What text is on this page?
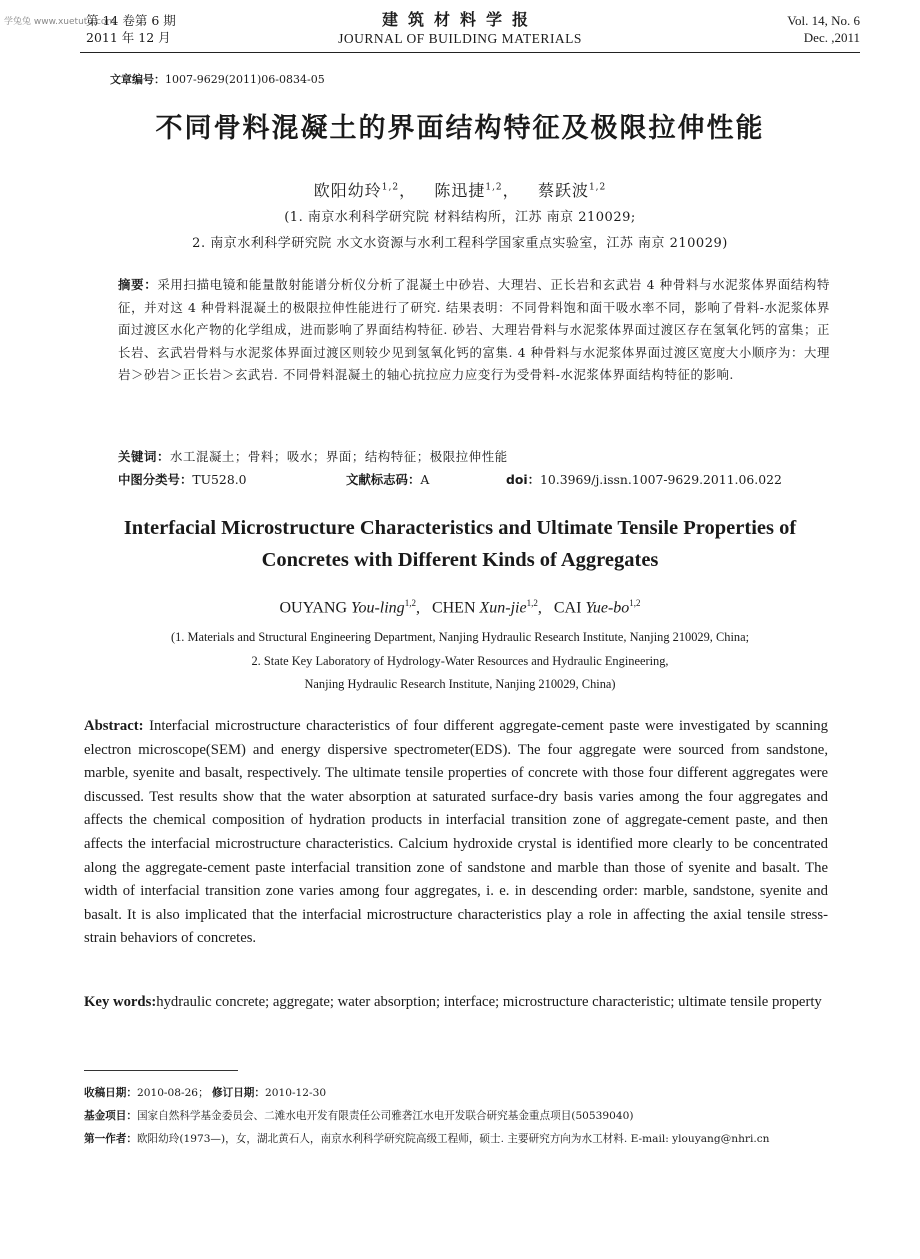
学兔兔 www.xuetutu.com
第 14 卷第 6 期
2011 年 12 月
建筑材料学报
JOURNAL OF BUILDING MATERIALS
Vol. 14, No. 6
Dec. ,2011
文章编号：1007-9629(2011)06-0834-05
不同骨料混凝土的界面结构特征及极限拉伸性能
欧阳幼玲$^{1,2}$，   陈迅捷$^{1,2}$，   蔡跃波$^{1,2}$
(1. 南京水利科学研究院 材料结构所，江苏 南京 210029;
2. 南京水利科学研究院 水文水资源与水利工程科学国家重点实验室，江苏 南京 210029)
摘要：采用扫描电镜和能量散射能谱分析仪分析了混凝土中砂岩、大理岩、正长岩和玄武岩 4 种骨料与水泥浆体界面结构特征，并对这 4 种骨料混凝土的极限拉伸性能进行了研究. 结果表明：不同骨料饱和面干吸水率不同，影响了骨料-水泥浆体界面过渡区水化产物的化学组成，进而影响了界面结构特征. 砂岩、大理岩骨料与水泥浆体界面过渡区存在氢氧化钙的富集；正长岩、玄武岩骨料与水泥浆体界面过渡区则较少见到氢氧化钙的富集. 4 种骨料与水泥浆体界面过渡区宽度大小顺序为：大理岩＞砂岩＞正长岩＞玄武岩. 不同骨料混凝土的轴心抗拉应力应变行为受骨料-水泥浆体界面结构特征的影响.
关键词：水工混凝土；骨料；吸水；界面；结构特征；极限拉伸性能
中图分类号：TU528.0	文献标志码：A	doi：10.3969/j.issn.1007-9629.2011.06.022
Interfacial Microstructure Characteristics and Ultimate Tensile Properties of
Concretes with Different Kinds of Aggregates
OUYANG You-ling$^{1,2}$,   CHEN Xun-jie$^{1,2}$,   CAI Yue-bo$^{1,2}$
(1. Materials and Structural Engineering Department, Nanjing Hydraulic Research Institute, Nanjing 210029, China;
2. State Key Laboratory of Hydrology-Water Resources and Hydraulic Engineering,
Nanjing Hydraulic Research Institute, Nanjing 210029, China)
Abstract: Interfacial microstructure characteristics of four different aggregate-cement paste were investigated by scanning electron microscope(SEM) and energy dispersive spectrometer(EDS). The four aggregate were sourced from sandstone, marble, syenite and basalt, respectively. The ultimate tensile properties of concrete with those four different aggregates were discussed. Test results show that the water absorption at saturated surface-dry basis varies among the four aggregates and affects the chemical composition of hydration products in interfacial transition zone of aggregate-cement paste, and then affects the interfacial microstructure characteristics. Calcium hydroxide crystal is identified more clearly to be concentrated along the aggregate-cement paste interfacial transition zone of sandstone and marble than those of syenite and basalt. The width of interfacial transition zone varies among four aggregates, i. e. in descending order: marble, sandstone, syenite and basalt. It is also implicated that the interfacial microstructure characteristics play a role in affecting the axial tensile stress-strain behaviors of concretes.
Key words:hydraulic concrete; aggregate; water absorption; interface; microstructure characteristic; ultimate tensile property
收稿日期：2010-08-26； 修订日期：2010-12-30
基金项目：国家自然科学基金委员会、二滩水电开发有限责任公司雅砻江水电开发联合研究基金重点项目(50539040)
第一作者：欧阳幼玲(1973—)，女，湖北黄石人，南京水利科学研究院高级工程师，硕士. 主要研究方向为水工材料. E-mail: ylouyang@nhri.cn
